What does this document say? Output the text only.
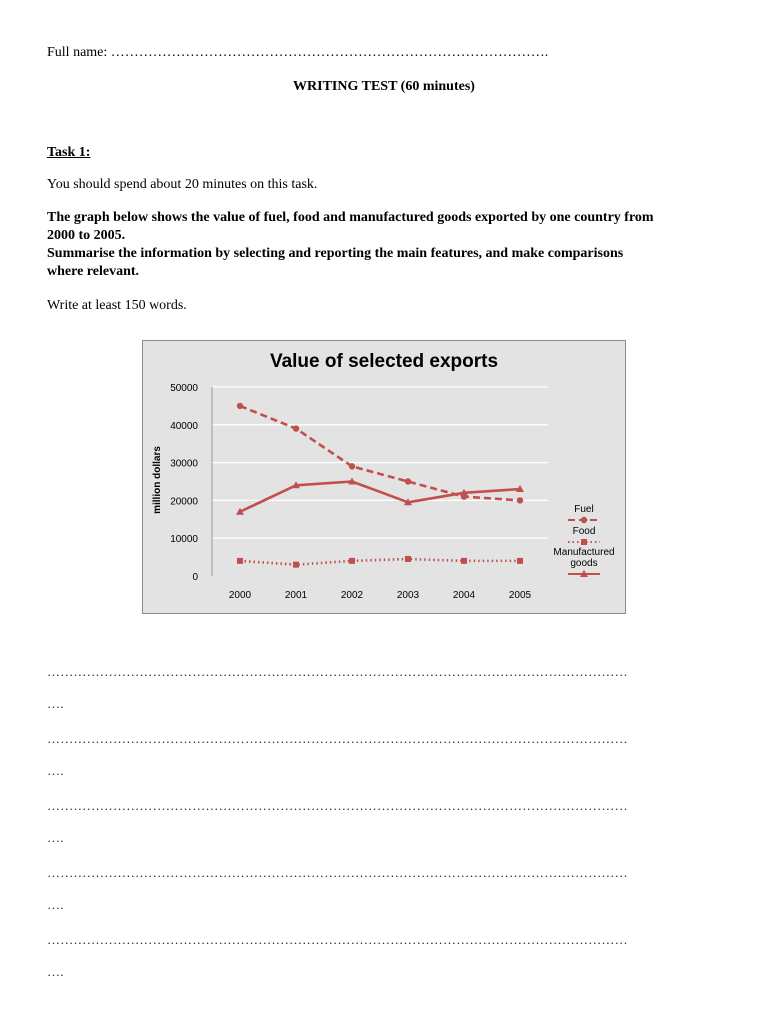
Full name: ………………………………………………………………………………….
WRITING TEST (60 minutes)
Task 1:
You should spend about 20 minutes on this task.
The graph below shows the value of fuel, food and manufactured goods exported by one country from
2000 to 2005.
Summarise the information by selecting and reporting the main features, and make comparisons
where relevant.
Write at least 150 words.
Value of selected exports
million dollars
0
10000
20000
30000
40000
50000
2000	2001	2002	2003	2004	2005
Fuel
Food
Manufactured
goods
……………………………………………………………………………………………………………………
….
……………………………………………………………………………………………………………………
….
……………………………………………………………………………………………………………………
….
……………………………………………………………………………………………………………………
….
……………………………………………………………………………………………………………………
….
